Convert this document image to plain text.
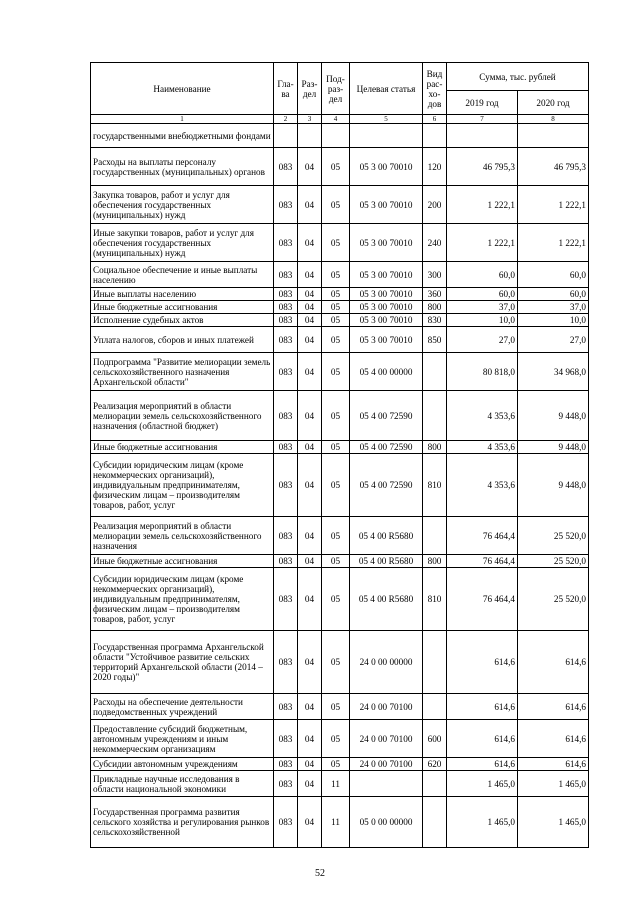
Наименование	Гла-ва	Раз-дел	Под-раз-дел	Целевая статья	Вид рас-хо-дов	Сумма, тыс. рублей	
						2019 год	2020 год
1	2	3	4	5	6	7	8
государственными внебюджетными фондами							
Расходы на выплаты персоналу государственных (муниципальных) органов	083	04	05	05 3 00 70010	120	46 795,3	46 795,3
Закупка товаров, работ и услуг для обеспечения государственных (муниципальных) нужд	083	04	05	05 3 00 70010	200	1 222,1	1 222,1
Иные закупки товаров, работ и услуг для обеспечения государственных (муниципальных) нужд	083	04	05	05 3 00 70010	240	1 222,1	1 222,1
Социальное обеспечение и иные выплаты населению	083	04	05	05 3 00 70010	300	60,0	60,0
Иные выплаты населению	083	04	05	05 3 00 70010	360	60,0	60,0
Иные бюджетные ассигнования	083	04	05	05 3 00 70010	800	37,0	37,0
Исполнение судебных актов	083	04	05	05 3 00 70010	830	10,0	10,0
Уплата налогов, сборов и иных платежей	083	04	05	05 3 00 70010	850	27,0	27,0
Подпрограмма "Развитие мелиорации земель сельскохозяйственного назначения Архангельской области"	083	04	05	05 4 00 00000		80 818,0	34 968,0
Реализация мероприятий в области мелиорации земель сельскохозяйственного назначения (областной бюджет)	083	04	05	05 4 00 72590		4 353,6	9 448,0
Иные бюджетные ассигнования	083	04	05	05 4 00 72590	800	4 353,6	9 448,0
Субсидии юридическим лицам (кроме некоммерческих организаций), индивидуальным предпринимателям, физическим лицам – производителям товаров, работ, услуг	083	04	05	05 4 00 72590	810	4 353,6	9 448,0
Реализация мероприятий в области мелиорации земель сельскохозяйственного назначения	083	04	05	05 4 00 R5680		76 464,4	25 520,0
Иные бюджетные ассигнования	083	04	05	05 4 00 R5680	800	76 464,4	25 520,0
Субсидии юридическим лицам (кроме некоммерческих организаций), индивидуальным предпринимателям, физическим лицам – производителям товаров, работ, услуг	083	04	05	05 4 00 R5680	810	76 464,4	25 520,0
Государственная программа Архангельской области "Устойчивое развитие сельских территорий Архангельской области (2014 – 2020 годы)"	083	04	05	24 0 00 00000		614,6	614,6
Расходы на обеспечение деятельности подведомственных учреждений	083	04	05	24 0 00 70100		614,6	614,6
Предоставление субсидий бюджетным, автономным учреждениям и иным некоммерческим организациям	083	04	05	24 0 00 70100	600	614,6	614,6
Субсидии автономным учреждениям	083	04	05	24 0 00 70100	620	614,6	614,6
Прикладные научные исследования в области национальной экономики	083	04	11			1 465,0	1 465,0
Государственная программа развития сельского хозяйства и регулирования рынков сельскохозяйственной	083	04	11	05 0 00 00000		1 465,0	1 465,0
52
